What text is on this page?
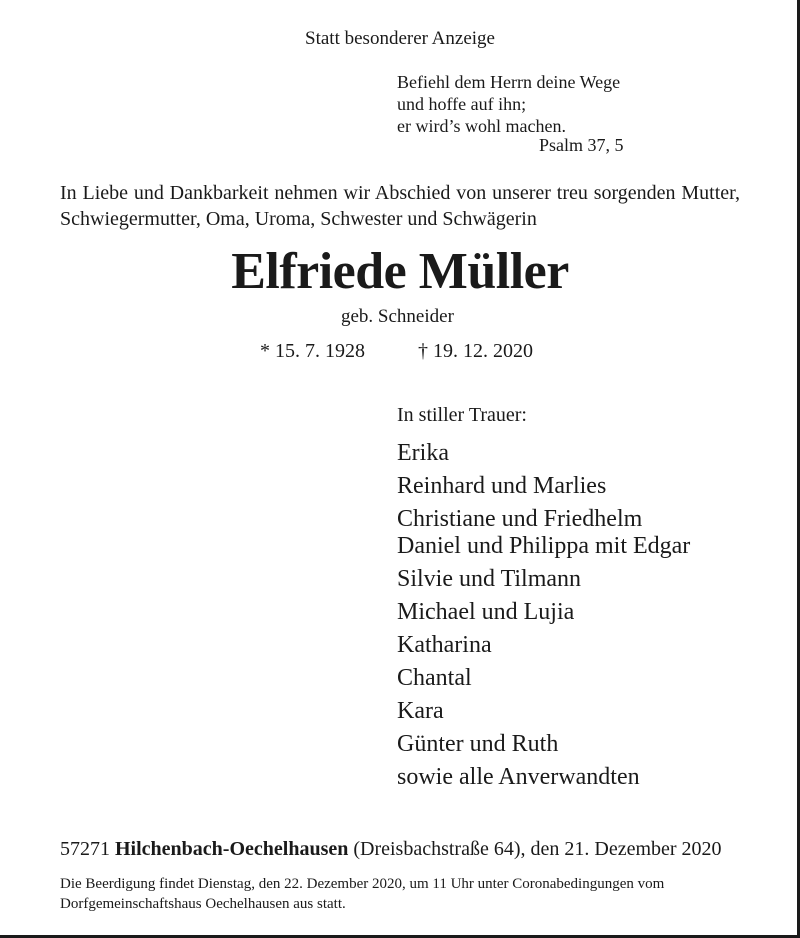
Statt besonderer Anzeige
Befiehl dem Herrn deine Wege
und hoffe auf ihn;
er wird’s wohl machen.
Psalm 37, 5
In Liebe und Dankbarkeit nehmen wir Abschied von unserer treu sorgenden Mutter, Schwiegermutter, Oma, Uroma, Schwester und Schwägerin
Elfriede Müller
geb. Schneider
* 15. 7. 1928	† 19. 12. 2020
In stiller Trauer:
Erika
Reinhard und Marlies
Christiane und Friedhelm
Daniel und Philippa mit Edgar
Silvie und Tilmann
Michael und Lujia
Katharina
Chantal
Kara
Günter und Ruth
sowie alle Anverwandten
57271 Hilchenbach-Oechelhausen (Dreisbachstraße 64), den 21. Dezember 2020
Die Beerdigung findet Dienstag, den 22. Dezember 2020, um 11 Uhr unter Coronabedingungen vom Dorfgemeinschaftshaus Oechelhausen aus statt.
